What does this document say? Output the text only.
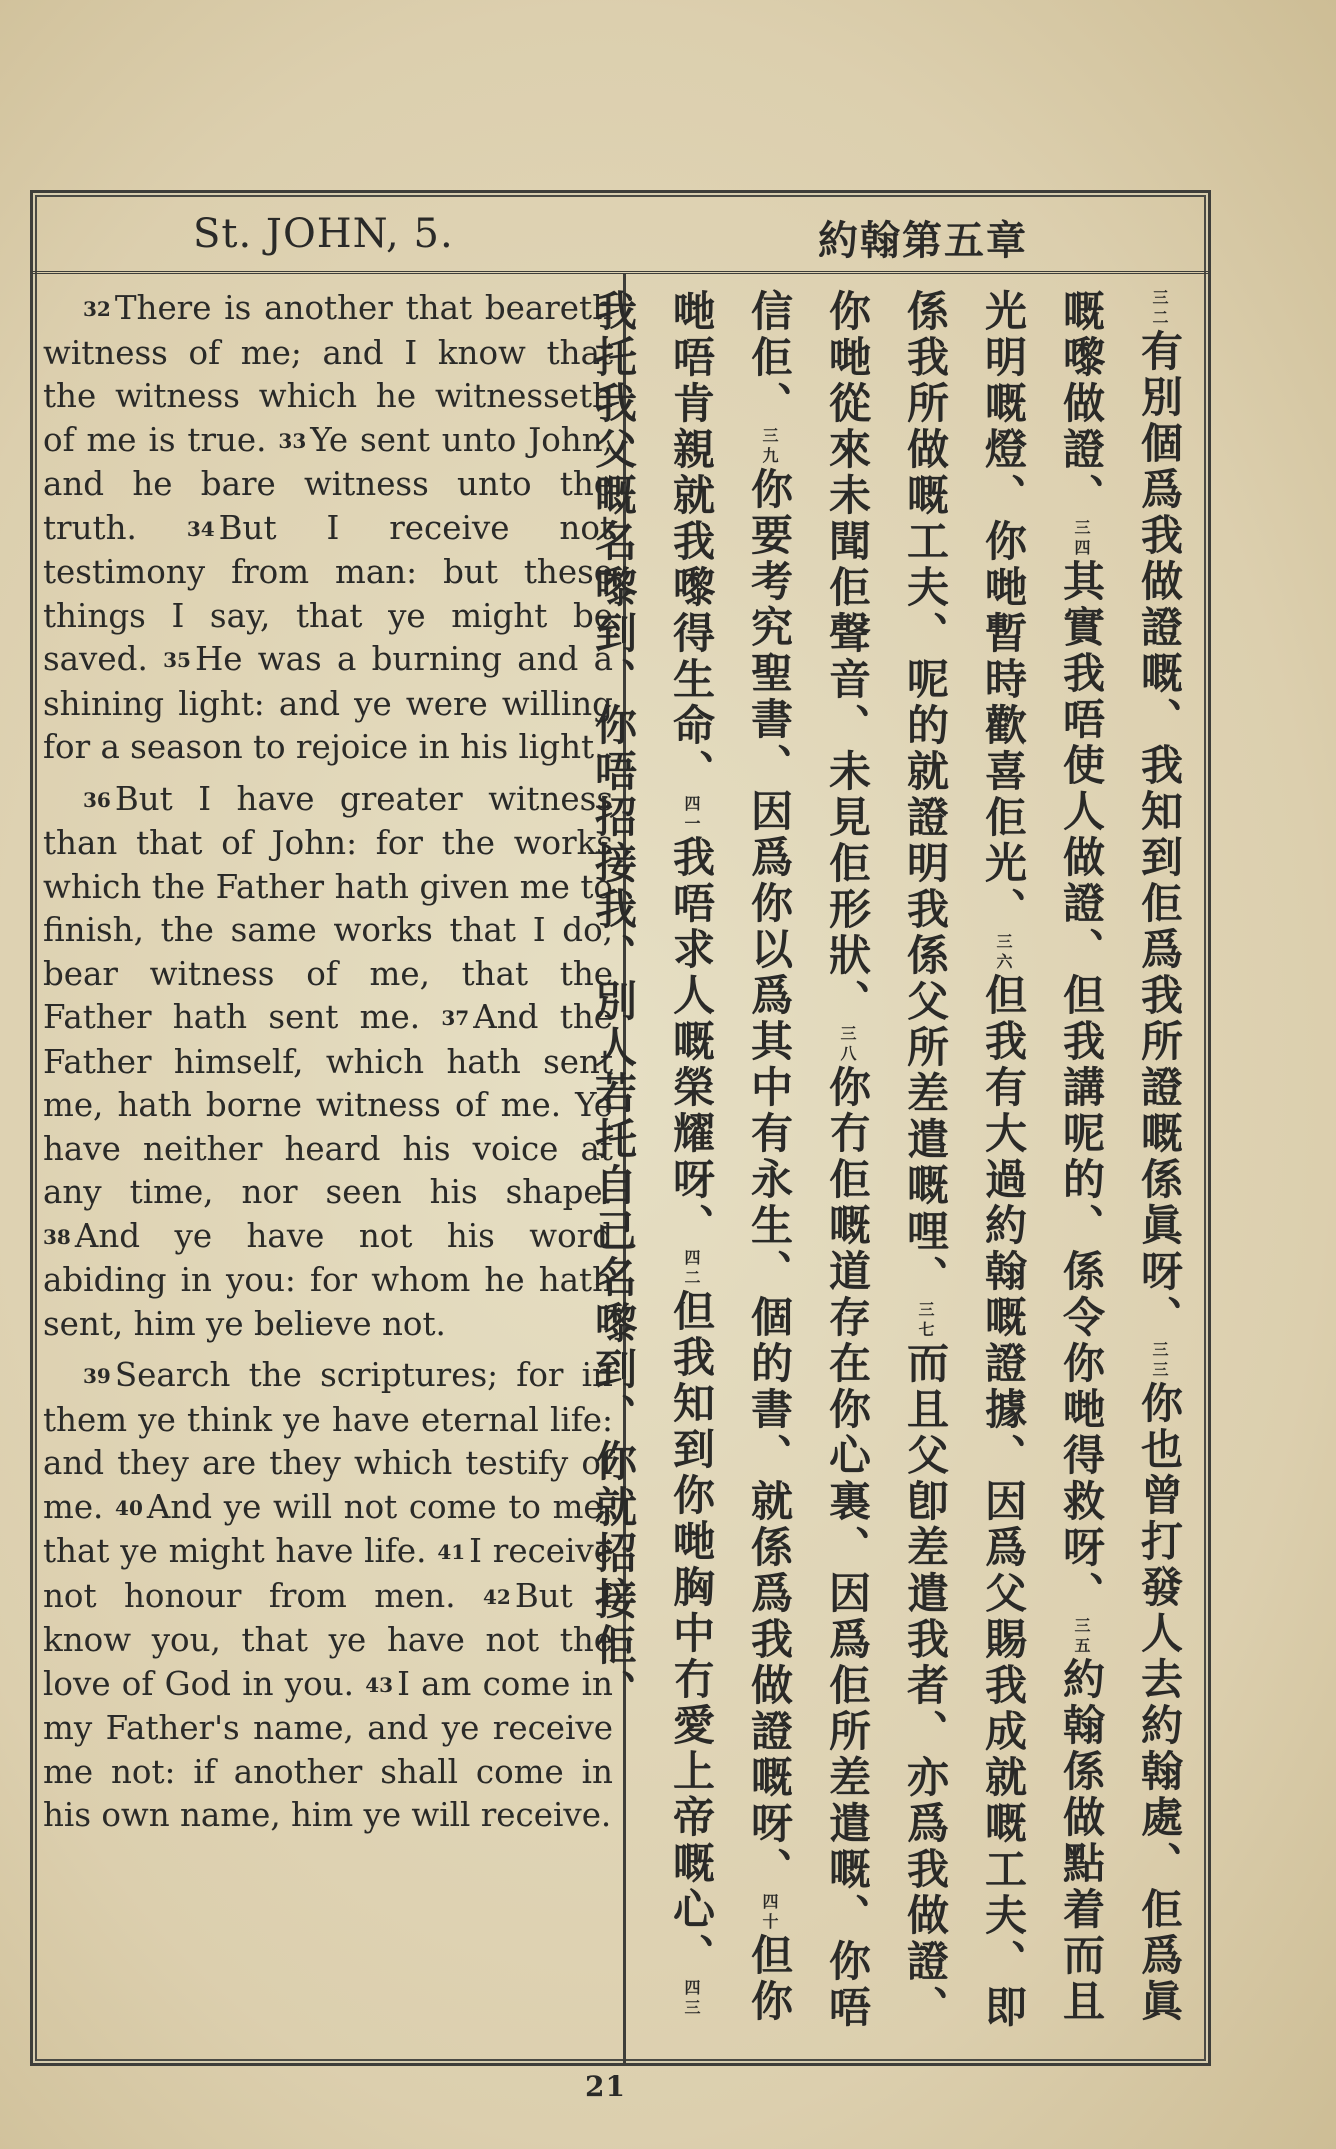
St. JOHN, 5.	約翰第五章

32 There is another that beareth witness of me; and I know that the witness which he witnesseth of me is true. 33 Ye sent unto John, and he bare witness unto the truth. 34 But I receive not testimony from man: but these things I say, that ye might be saved. 35 He was a burning and a shining light: and ye were willing for a season to rejoice in his light.

36 But I have greater witness than that of John: for the works which the Father hath given me to finish, the same works that I do, bear witness of me, that the Father hath sent me. 37 And the Father himself, which hath sent me, hath borne witness of me. Ye have neither heard his voice at any time, nor seen his shape. 38 And ye have not his word abiding in you: for whom he hath sent, him ye believe not.

39 Search the scriptures; for in them ye think ye have eternal life: and they are they which testify of me. 40 And ye will not come to me, that ye might have life. 41 I receive not honour from men. 42 But I know you, that ye have not the love of God in you. 43 I am come in my Father's name, and ye receive me not: if another shall come in his own name, him ye will receive.

三二有別個爲我做證嘅、我知到佢爲我所證嘅係眞呀、三三你也曾打發人去約翰處、佢爲眞嘅嚟做證、三四其實我唔使人做證、但我講呢的、係令你哋得救呀、三五約翰係做點着而且光明嘅燈、你哋暫時歡喜佢光、三六但我有大過約翰嘅證據、因爲父賜我成就嘅工夫、即係我所做嘅工夫、呢的就證明我係父所差遣嘅哩、三七而且父卽差遣我者、亦爲我做證、你哋從來未聞佢聲音、未見佢形狀、三八你冇佢嘅道存在你心裏、因爲佢所差遣嘅、你唔信佢、三九你要考究聖書、因爲你以爲其中有永生、個的書、就係爲我做證嘅呀、四十但你哋唔肯親就我嚟得生命、四一我唔求人嘅榮耀呀、四二但我知到你哋胸中冇愛上帝嘅心、四三我托我父嘅名嚟到、你唔招接我、別人若托自己名嚟到、你就招接佢、
21
